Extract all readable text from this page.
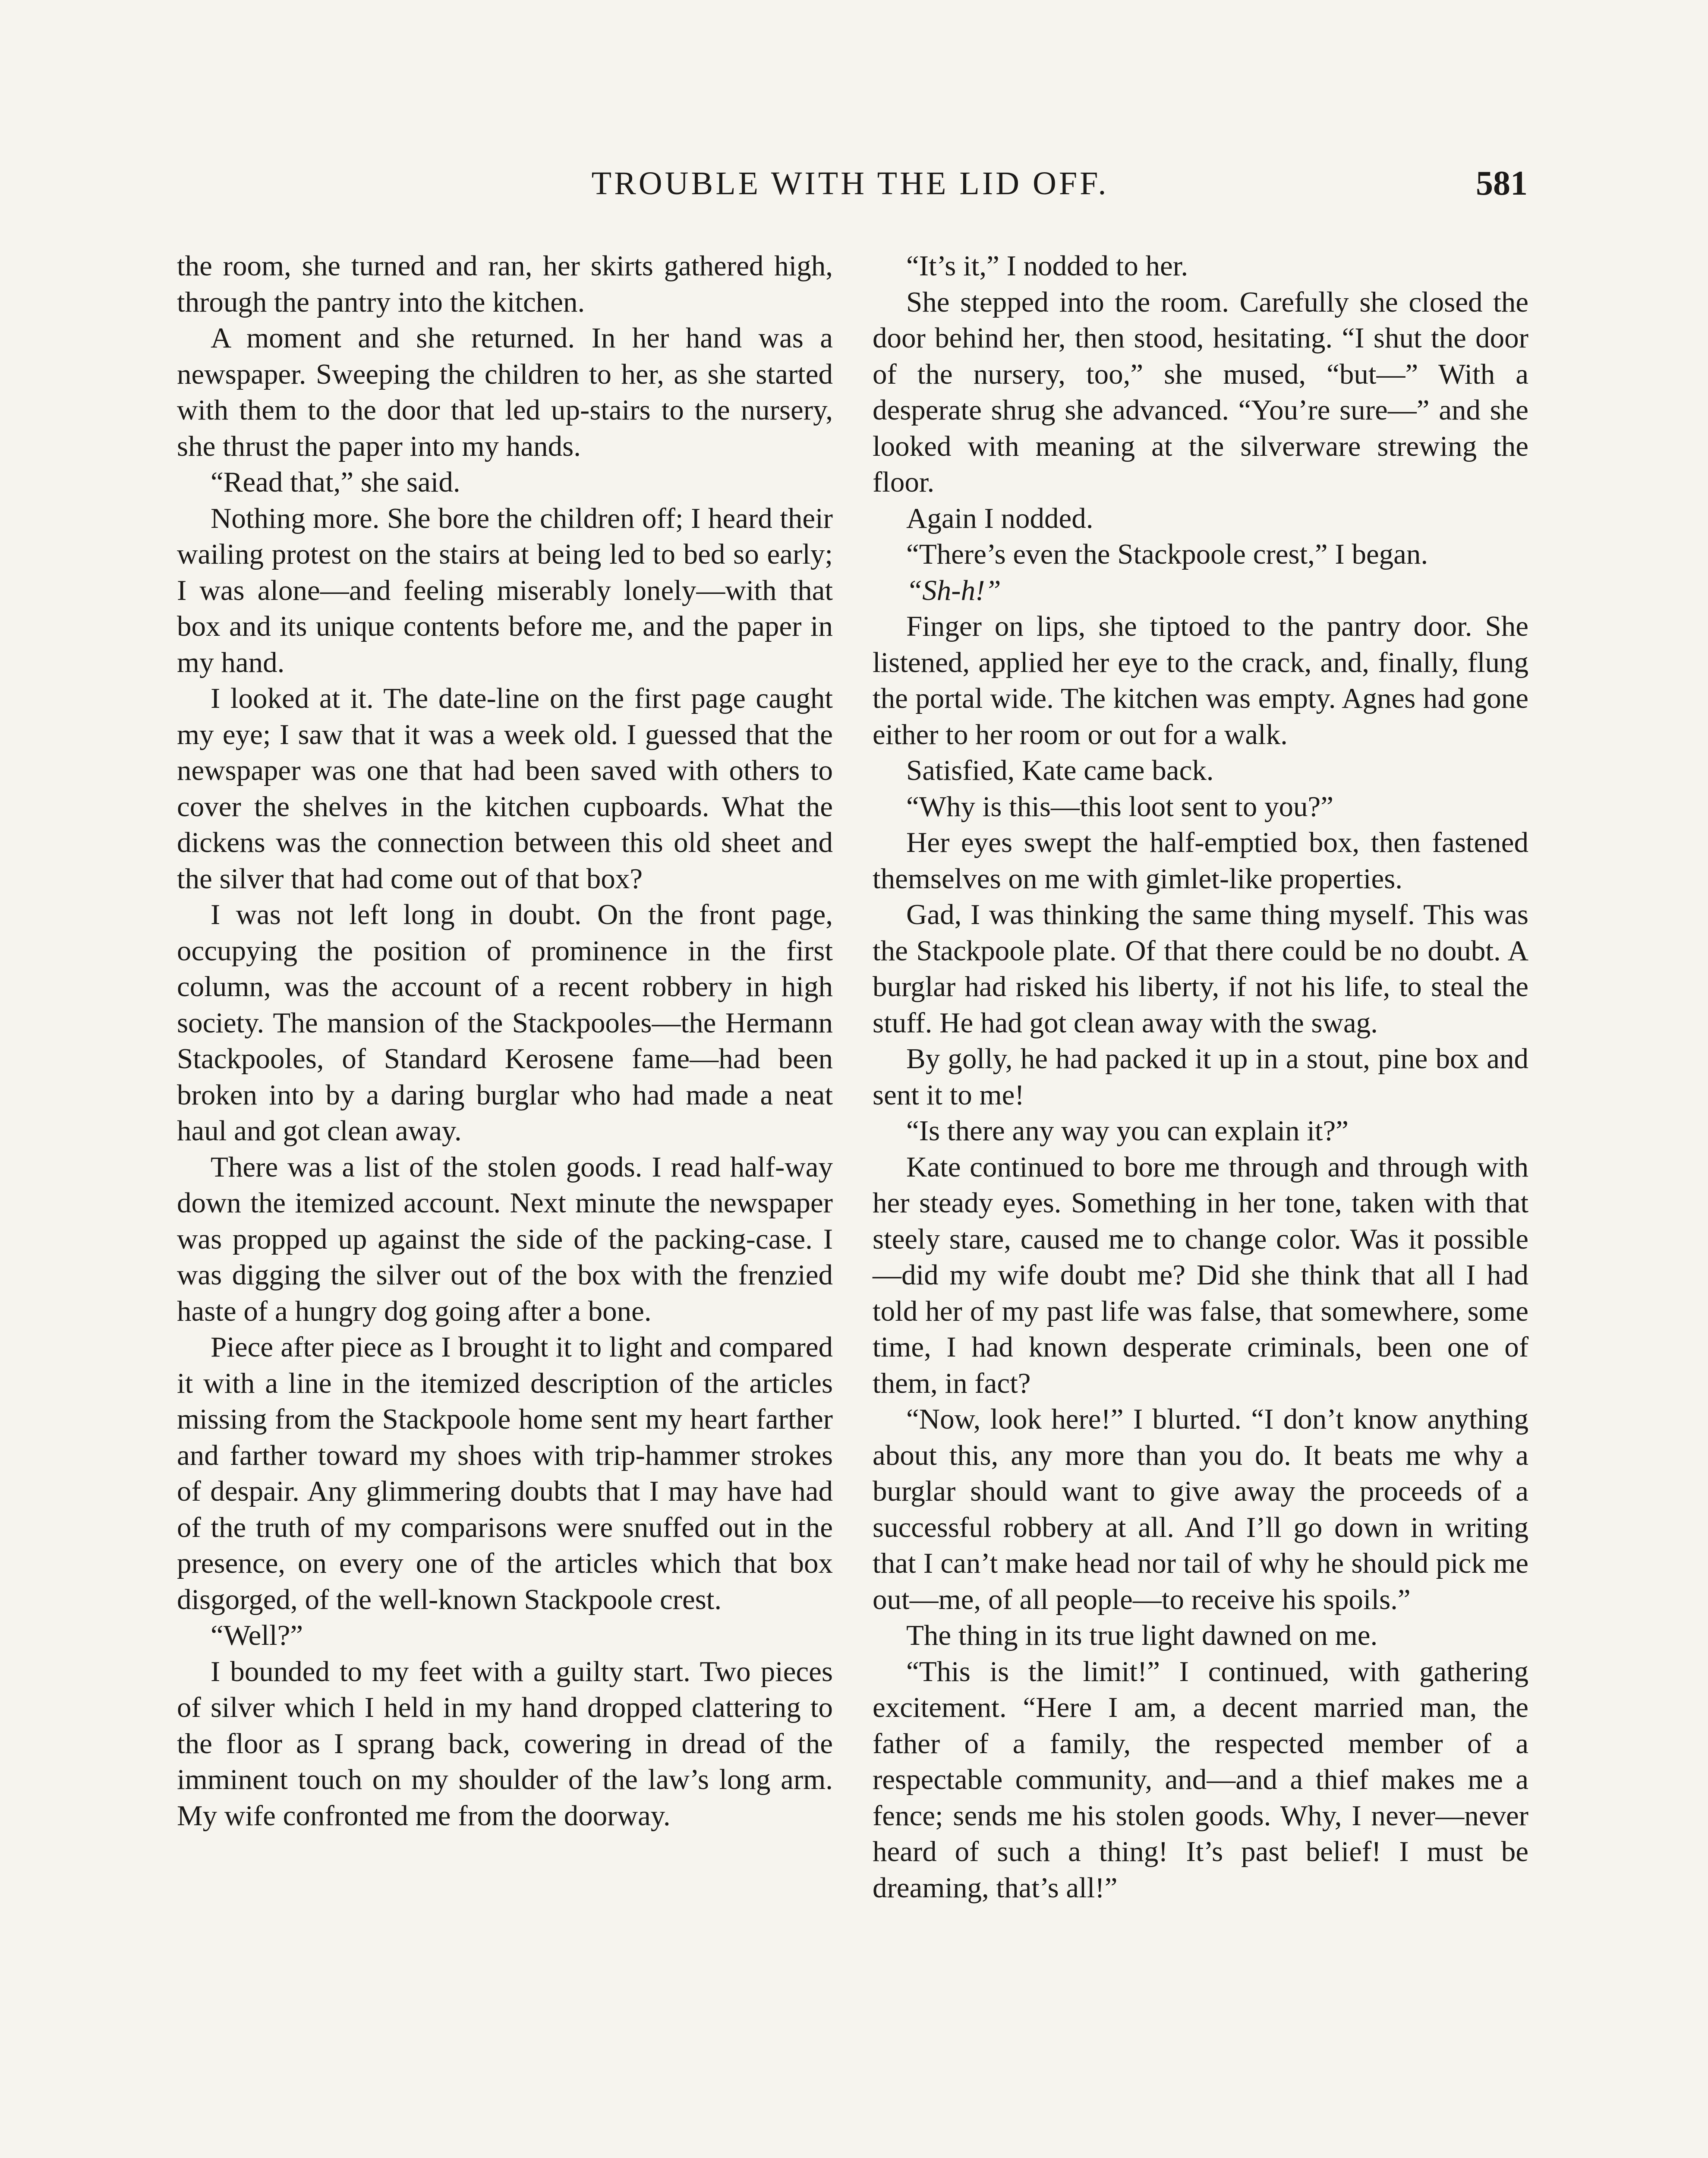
TROUBLE WITH THE LID OFF.	581

the room, she turned and ran, her skirts gathered high, through the pantry into the kitchen.

A moment and she returned. In her hand was a newspaper. Sweeping the children to her, as she started with them to the door that led up-stairs to the nursery, she thrust the paper into my hands.

“Read that,” she said.

Nothing more. She bore the children off; I heard their wailing protest on the stairs at being led to bed so early; I was alone—and feeling miserably lonely—with that box and its unique contents before me, and the paper in my hand.

I looked at it. The date-line on the first page caught my eye; I saw that it was a week old. I guessed that the newspaper was one that had been saved with others to cover the shelves in the kitchen cupboards. What the dickens was the connection between this old sheet and the silver that had come out of that box?

I was not left long in doubt. On the front page, occupying the position of prominence in the first column, was the account of a recent robbery in high society. The mansion of the Stackpooles—the Hermann Stackpooles, of Standard Kerosene fame—had been broken into by a daring burglar who had made a neat haul and got clean away.

There was a list of the stolen goods. I read half-way down the itemized account. Next minute the newspaper was propped up against the side of the packing-case. I was digging the silver out of the box with the frenzied haste of a hungry dog going after a bone.

Piece after piece as I brought it to light and compared it with a line in the itemized description of the articles missing from the Stackpoole home sent my heart farther and farther toward my shoes with trip-hammer strokes of despair. Any glimmering doubts that I may have had of the truth of my comparisons were snuffed out in the presence, on every one of the articles which that box disgorged, of the well-known Stackpoole crest.

“Well?”

I bounded to my feet with a guilty start. Two pieces of silver which I held in my hand dropped clattering to the floor as I sprang back, cowering in dread of the imminent touch on my shoulder of the law’s long arm. My wife confronted me from the doorway.

“It’s it,” I nodded to her.

She stepped into the room. Carefully she closed the door behind her, then stood, hesitating. “I shut the door of the nursery, too,” she mused, “but—” With a desperate shrug she advanced. “You’re sure—” and she looked with meaning at the silverware strewing the floor.

Again I nodded.

“There’s even the Stackpoole crest,” I began.

“Sh-h!”

Finger on lips, she tiptoed to the pantry door. She listened, applied her eye to the crack, and, finally, flung the portal wide. The kitchen was empty. Agnes had gone either to her room or out for a walk.

Satisfied, Kate came back.

“Why is this—this loot sent to you?”

Her eyes swept the half-emptied box, then fastened themselves on me with gimlet-like properties.

Gad, I was thinking the same thing myself. This was the Stackpoole plate. Of that there could be no doubt. A burglar had risked his liberty, if not his life, to steal the stuff. He had got clean away with the swag.

By golly, he had packed it up in a stout, pine box and sent it to me!

“Is there any way you can explain it?”

Kate continued to bore me through and through with her steady eyes. Something in her tone, taken with that steely stare, caused me to change color. Was it possible—did my wife doubt me? Did she think that all I had told her of my past life was false, that somewhere, some time, I had known desperate criminals, been one of them, in fact?

“Now, look here!” I blurted. “I don’t know anything about this, any more than you do. It beats me why a burglar should want to give away the proceeds of a successful robbery at all. And I’ll go down in writing that I can’t make head nor tail of why he should pick me out—me, of all people—to receive his spoils.”

The thing in its true light dawned on me.

“This is the limit!” I continued, with gathering excitement. “Here I am, a decent married man, the father of a family, the respected member of a respectable community, and—and a thief makes me a fence; sends me his stolen goods. Why, I never—never heard of such a thing! It’s past belief! I must be dreaming, that’s all!”
